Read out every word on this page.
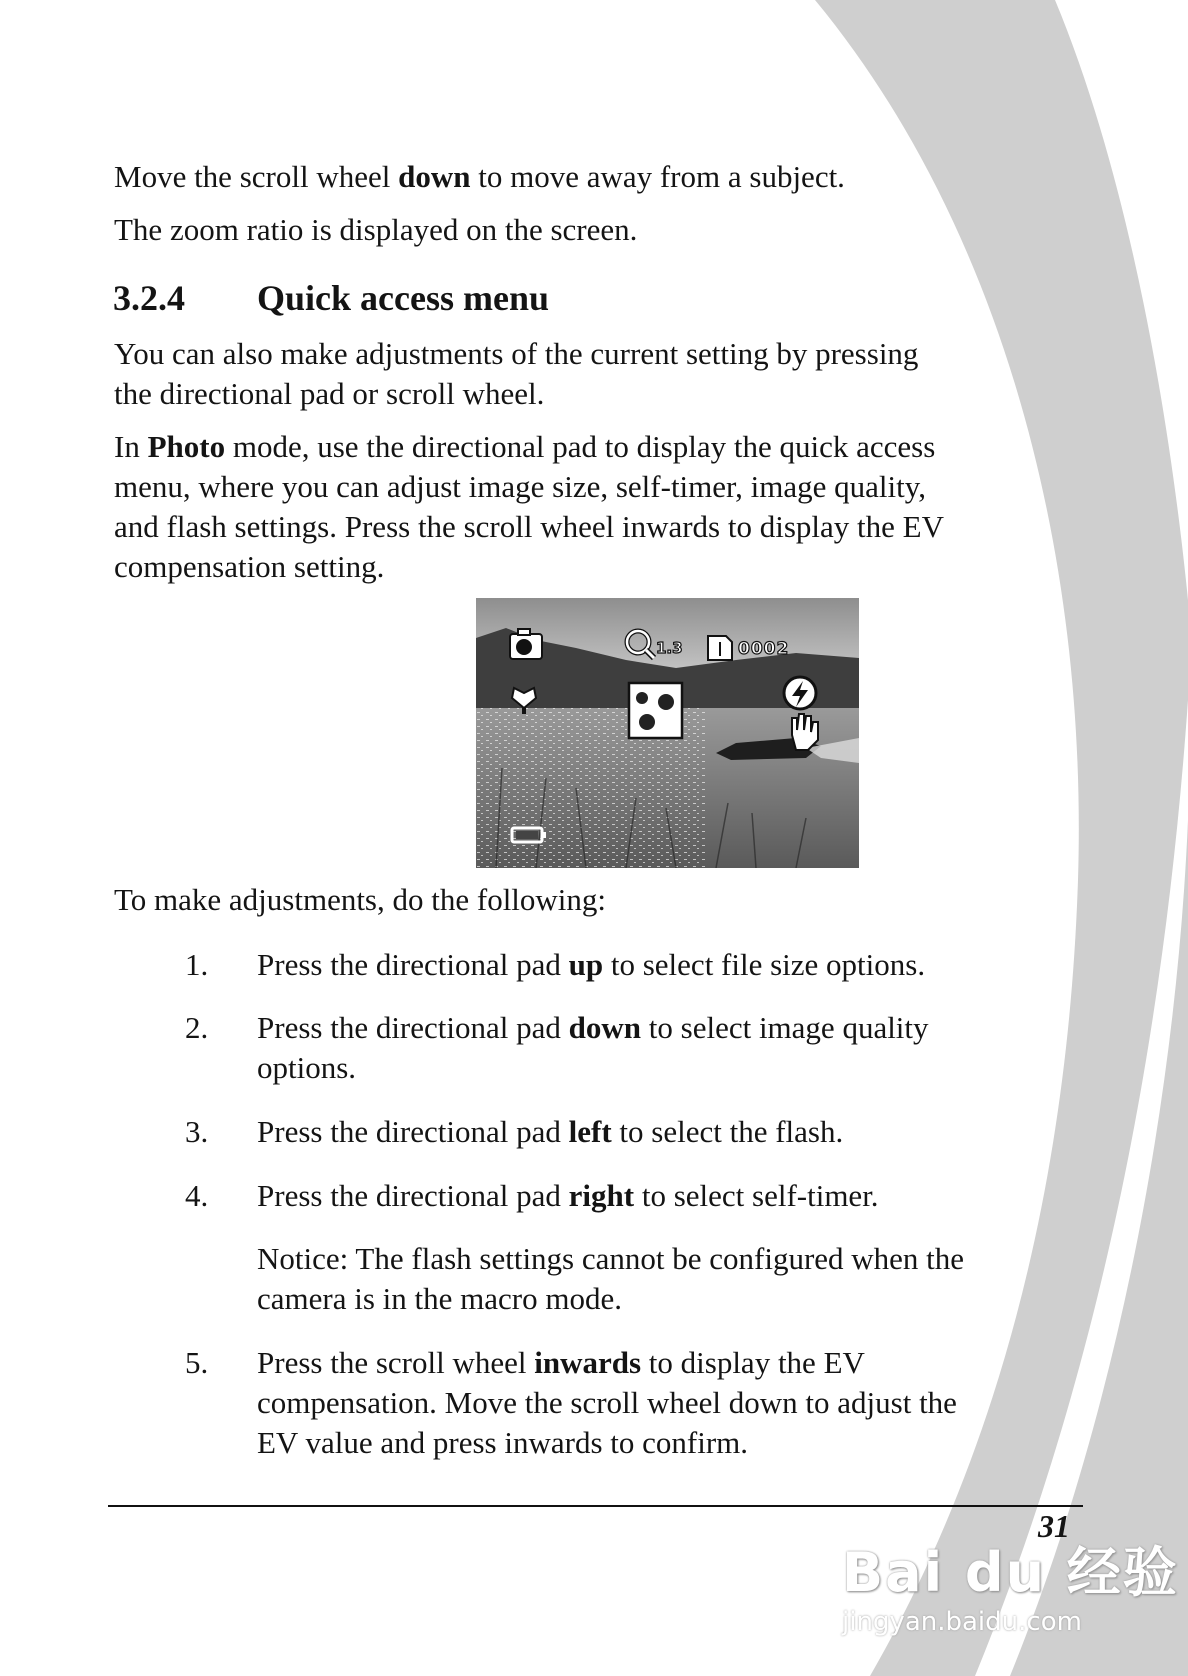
Move the scroll wheel down to move away from a subject.

The zoom ratio is displayed on the screen.

3.2.4 Quick access menu
You can also make adjustments of the current setting by pressing
the directional pad or scroll wheel.
In Photo mode, use the directional pad to display the quick access
menu, where you can adjust image size, self-timer, image quality,
and flash settings. Press the scroll wheel inwards to display the EV
compensation setting.
1.3	0002

To make adjustments, do the following:

1. Press the directional pad up to select file size options.
2. Press the directional pad down to select image quality
options.
3. Press the directional pad left to select the flash.
4. Press the directional pad right to select self-timer.
Notice: The flash settings cannot be configured when the
camera is in the macro mode.
5. Press the scroll wheel inwards to display the EV
compensation. Move the scroll wheel down to adjust the
EV value and press inwards to confirm.
31
Bai du 经验
jingyan.baidu.com
